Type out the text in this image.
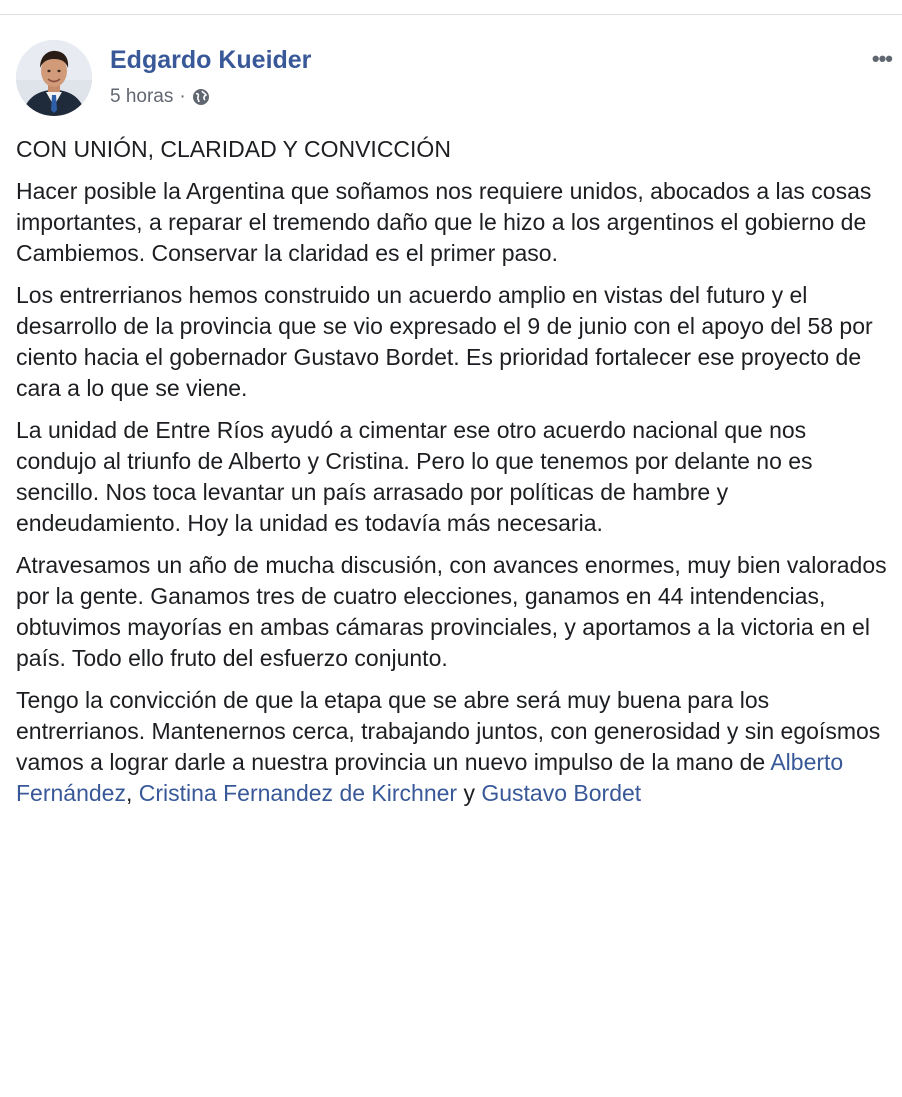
Edgardo Kueider
5 horas ·
•••

CON UNIÓN, CLARIDAD Y CONVICCIÓN

Hacer posible la Argentina que soñamos nos requiere unidos, abocados a las cosas importantes, a reparar el tremendo daño que le hizo a los argentinos el gobierno de Cambiemos. Conservar la claridad es el primer paso.

Los entrerrianos hemos construido un acuerdo amplio en vistas del futuro y el desarrollo de la provincia que se vio expresado el 9 de junio con el apoyo del 58 por ciento hacia el gobernador Gustavo Bordet. Es prioridad fortalecer ese proyecto de cara a lo que se viene.

La unidad de Entre Ríos ayudó a cimentar ese otro acuerdo nacional que nos condujo al triunfo de Alberto y Cristina. Pero lo que tenemos por delante no es sencillo. Nos toca levantar un país arrasado por políticas de hambre y endeudamiento. Hoy la unidad es todavía más necesaria.

Atravesamos un año de mucha discusión, con avances enormes, muy bien valorados por la gente. Ganamos tres de cuatro elecciones, ganamos en 44 intendencias, obtuvimos mayorías en ambas cámaras provinciales, y aportamos a la victoria en el país. Todo ello fruto del esfuerzo conjunto.

Tengo la convicción de que la etapa que se abre será muy buena para los entrerrianos. Mantenernos cerca, trabajando juntos, con generosidad y sin egoísmos vamos a lograr darle a nuestra provincia un nuevo impulso de la mano de Alberto Fernández, Cristina Fernandez de Kirchner y Gustavo Bordet
